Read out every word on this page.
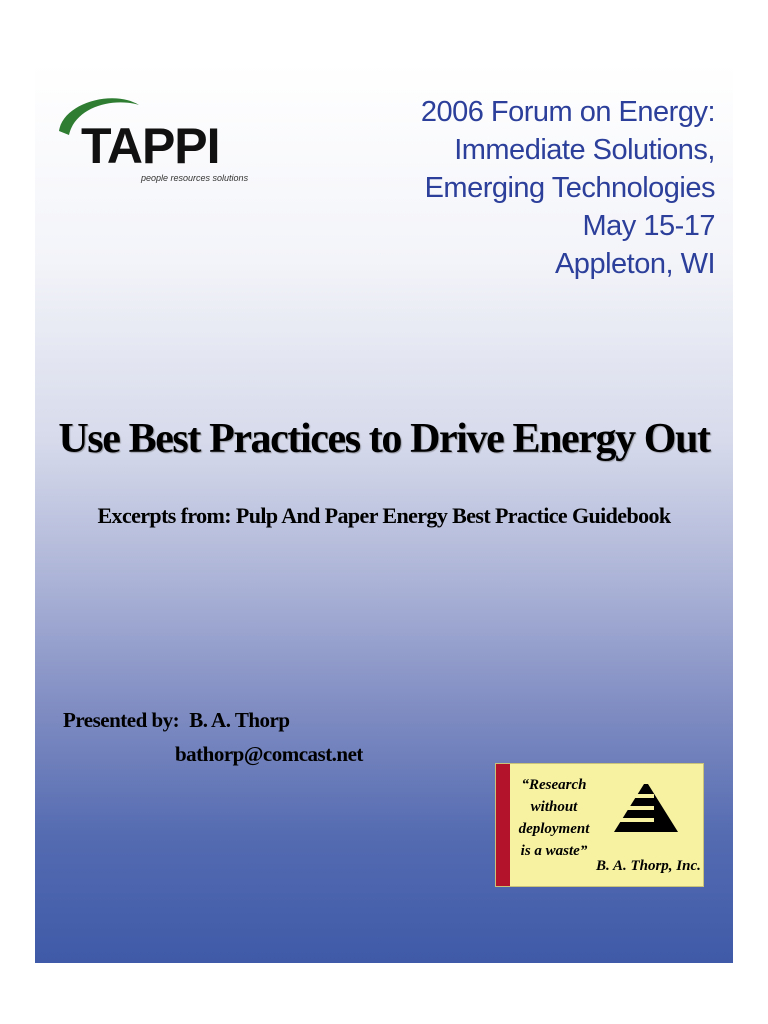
TAPPI
people resources solutions
2006 Forum on Energy:
Immediate Solutions,
Emerging Technologies
May 15-17
Appleton, WI
Use Best Practices to Drive Energy Out
Excerpts from: Pulp And Paper Energy Best Practice Guidebook
Presented by: B. A. Thorp
bathorp@comcast.net
“Research
without
deployment
is a waste”
B. A. Thorp, Inc.
